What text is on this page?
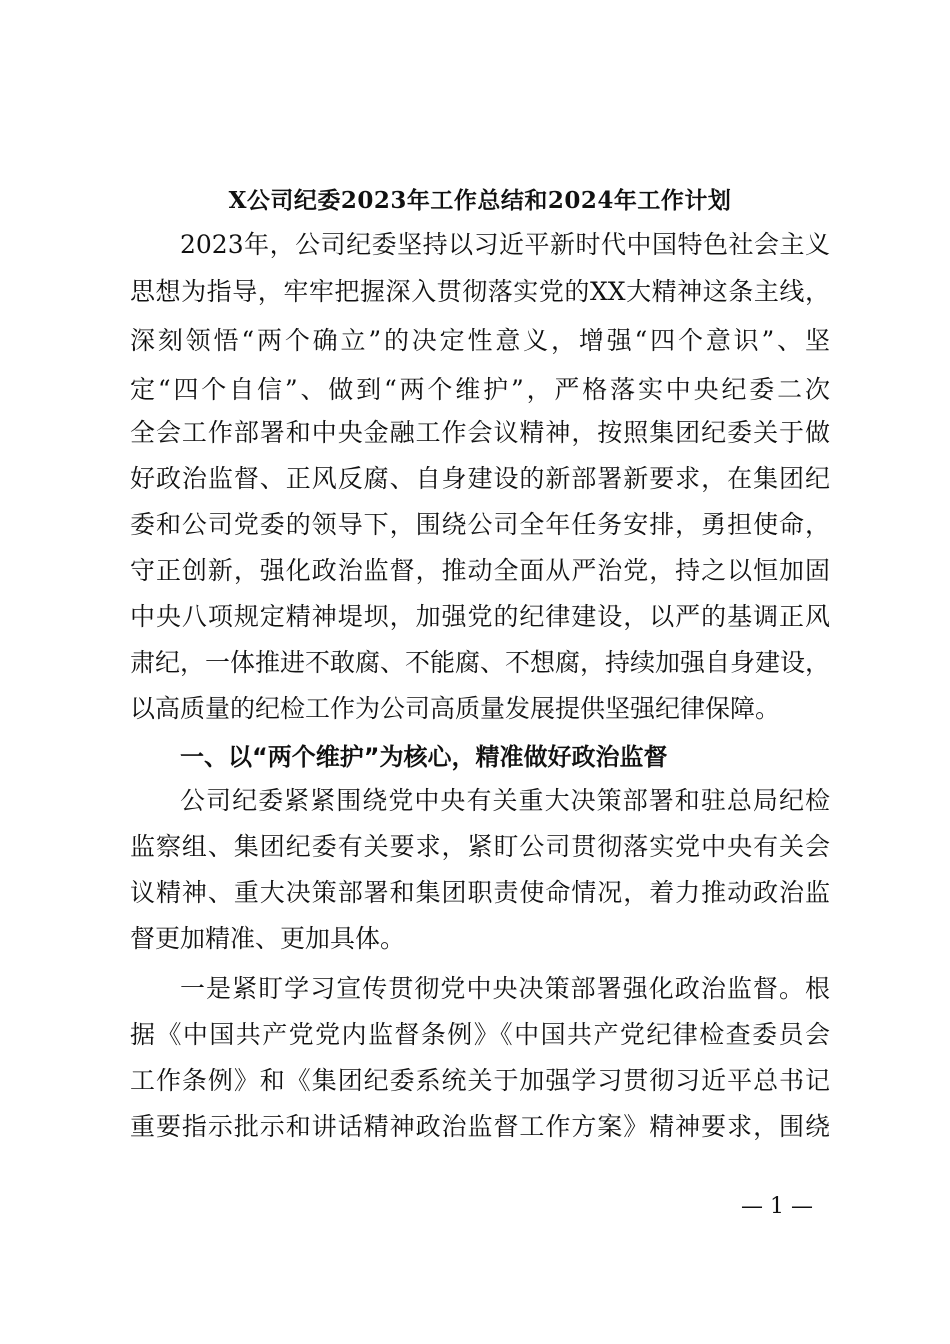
X公司纪委2023年工作总结和2024年工作计划
2023年，公司纪委坚持以习近平新时代中国特色社会主义
思想为指导，牢牢把握深入贯彻落实党的XX大精神这条主线，
深刻领悟“两个确立”的决定性意义，增强“四个意识”、坚
定“四个自信”、做到“两个维护”，严格落实中央纪委二次
全会工作部署和中央金融工作会议精神，按照集团纪委关于做
好政治监督、正风反腐、自身建设的新部署新要求，在集团纪
委和公司党委的领导下，围绕公司全年任务安排，勇担使命，
守正创新，强化政治监督，推动全面从严治党，持之以恒加固
中央八项规定精神堤坝，加强党的纪律建设，以严的基调正风
肃纪，一体推进不敢腐、不能腐、不想腐，持续加强自身建设，
以高质量的纪检工作为公司高质量发展提供坚强纪律保障。
一、以“两个维护”为核心，精准做好政治监督
公司纪委紧紧围绕党中央有关重大决策部署和驻总局纪检
监察组、集团纪委有关要求，紧盯公司贯彻落实党中央有关会
议精神、重大决策部署和集团职责使命情况，着力推动政治监
督更加精准、更加具体。
一是紧盯学习宣传贯彻党中央决策部署强化政治监督。根
据《中国共产党党内监督条例》《中国共产党纪律检查委员会
工作条例》和《集团纪委系统关于加强学习贯彻习近平总书记
重要指示批示和讲话精神政治监督工作方案》精神要求，围绕
— 1 —
